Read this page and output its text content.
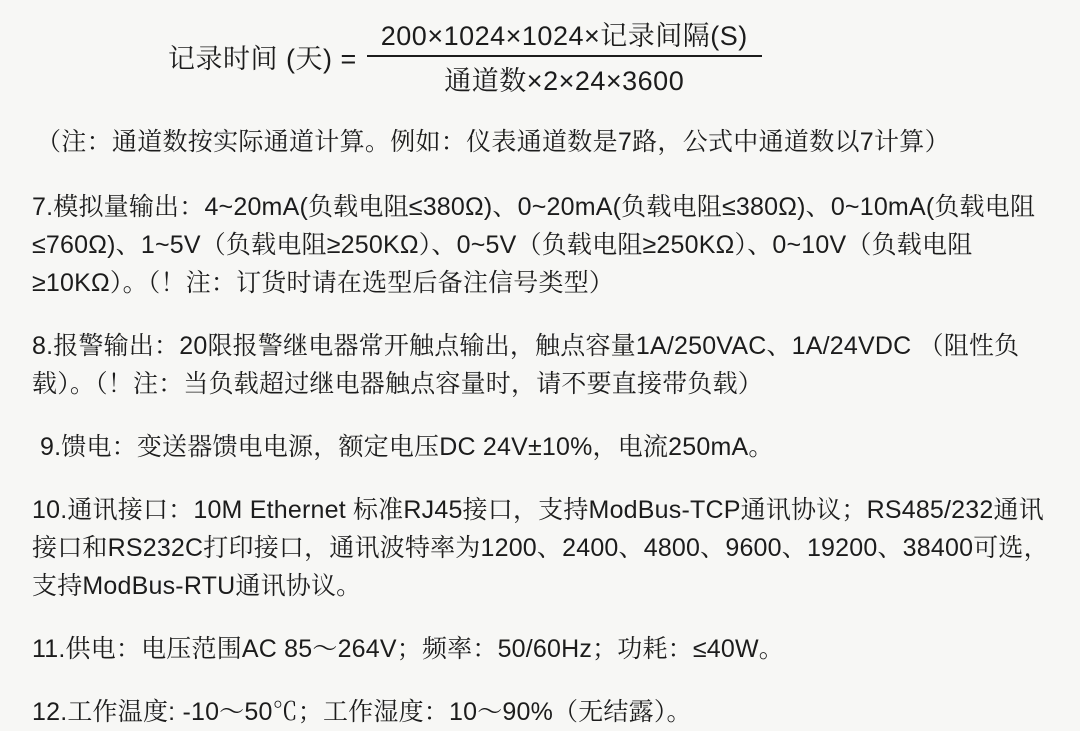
记录时间 (天) = $\frac{\text{200×1024×1024×记录间隔(S)}}{\text{通道数×2×24×3600}}$
（注：通道数按实际通道计算。例如：仪表通道数是7路，公式中通道数以7计算）

7.模拟量输出：4~20mA(负载电阻≤380Ω)、0~20mA(负载电阻≤380Ω)、0~10mA(负载电阻≤760Ω)、1~5V（负载电阻≥250KΩ）、0~5V（负载电阻≥250KΩ）、0~10V（负载电阻≥10KΩ）。（！注：订货时请在选型后备注信号类型）

8.报警输出：20限报警继电器常开触点输出，触点容量1A/250VAC、1A/24VDC （阻性负载）。（！注：当负载超过继电器触点容量时，请不要直接带负载）

9.馈电：变送器馈电电源，额定电压DC 24V±10%，电流250mA。

10.通讯接口：10M Ethernet 标准RJ45接口，支持ModBus-TCP通讯协议；RS485/232通讯接口和RS232C打印接口，通讯波特率为1200、2400、4800、9600、19200、38400可选，支持ModBus-RTU通讯协议。

11.供电：电压范围AC 85～264V；频率：50/60Hz；功耗：≤40W。

12.工作温度: -10～50℃；工作湿度：10～90%（无结露）。
